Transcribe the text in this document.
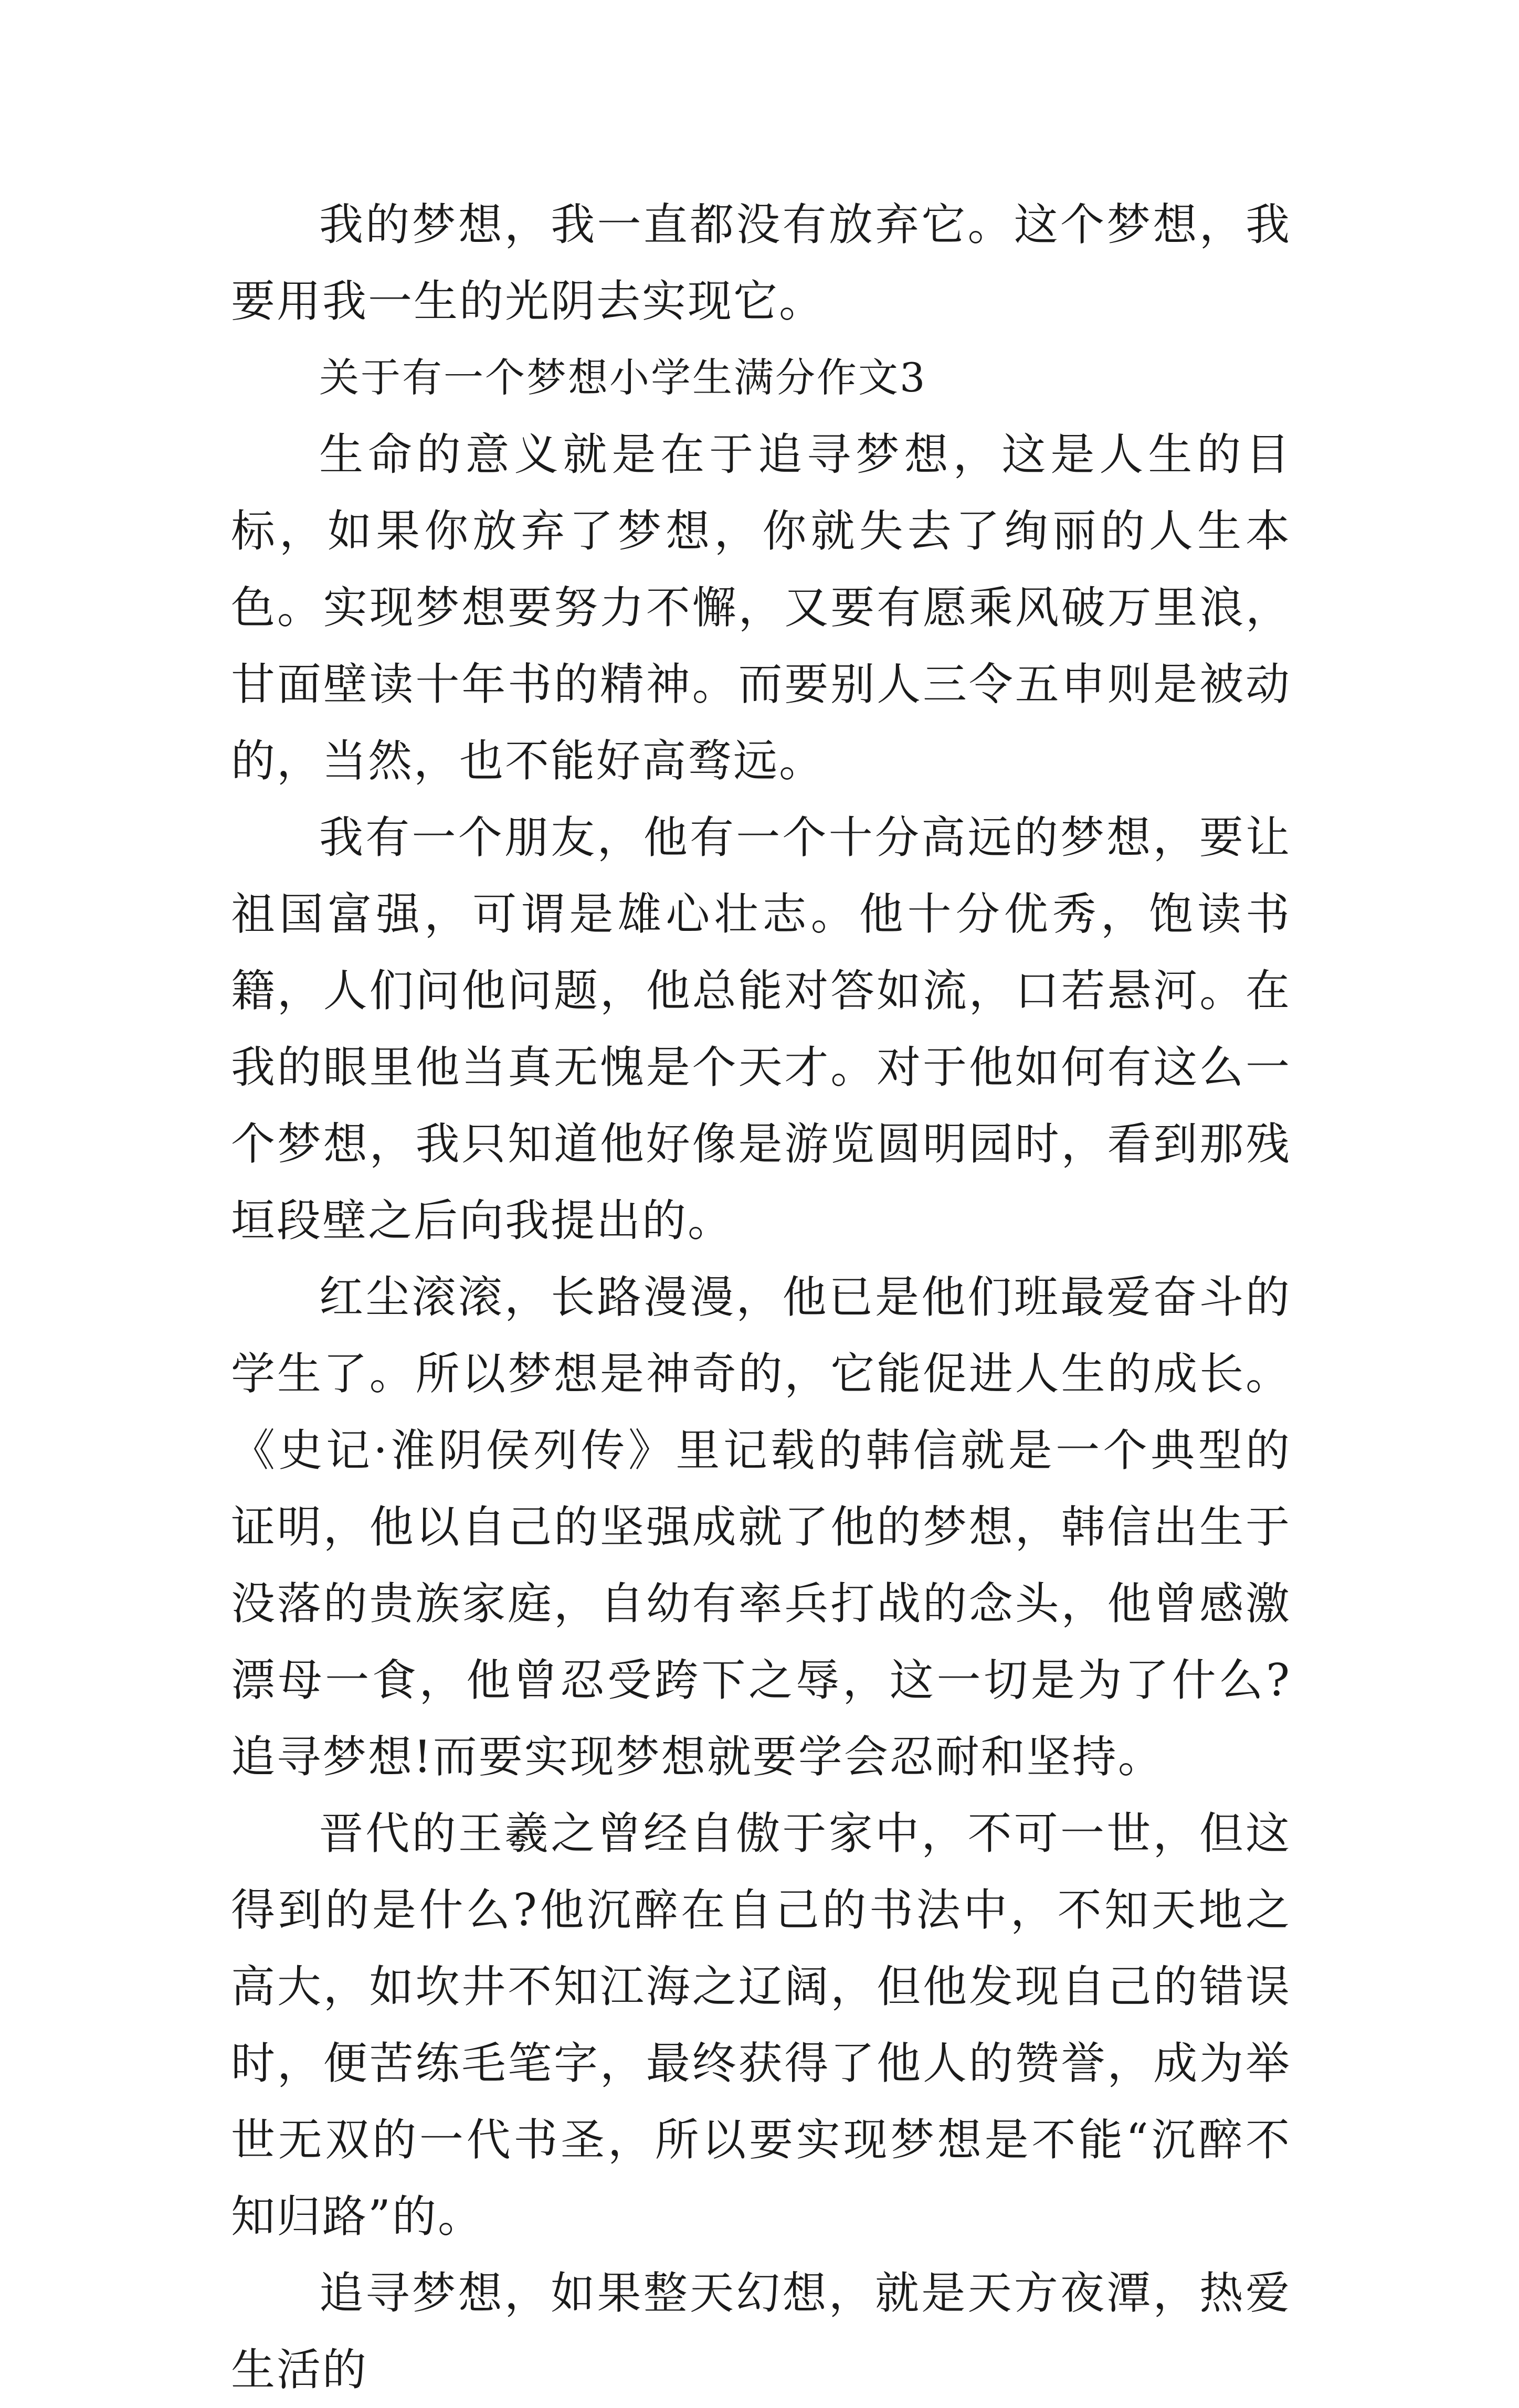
我的梦想，我一直都没有放弃它。这个梦想，我要用我一生的光阴去实现它。

关于有一个梦想小学生满分作文3

生命的意义就是在于追寻梦想，这是人生的目标，如果你放弃了梦想，你就失去了绚丽的人生本色。实现梦想要努力不懈，又要有愿乘风破万里浪，甘面壁读十年书的精神。而要别人三令五申则是被动的，当然，也不能好高骛远。

我有一个朋友，他有一个十分高远的梦想，要让祖国富强，可谓是雄心壮志。他十分优秀，饱读书籍，人们问他问题，他总能对答如流，口若悬河。在我的眼里他当真无愧是个天才。对于他如何有这么一个梦想，我只知道他好像是游览圆明园时，看到那残垣段壁之后向我提出的。

红尘滚滚，长路漫漫，他已是他们班最爱奋斗的学生了。所以梦想是神奇的，它能促进人生的成长。《史记·淮阴侯列传》里记载的韩信就是一个典型的证明，他以自己的坚强成就了他的梦想，韩信出生于没落的贵族家庭，自幼有率兵打战的念头，他曾感激漂母一食，他曾忍受跨下之辱，这一切是为了什么?追寻梦想!而要实现梦想就要学会忍耐和坚持。

晋代的王羲之曾经自傲于家中，不可一世，但这得到的是什么?他沉醉在自己的书法中，不知天地之高大，如坎井不知江海之辽阔，但他发现自己的错误时，便苦练毛笔字，最终获得了他人的赞誉，成为举世无双的一代书圣，所以要实现梦想是不能“沉醉不知归路”的。

追寻梦想，如果整天幻想，就是天方夜潭，热爱生活的
